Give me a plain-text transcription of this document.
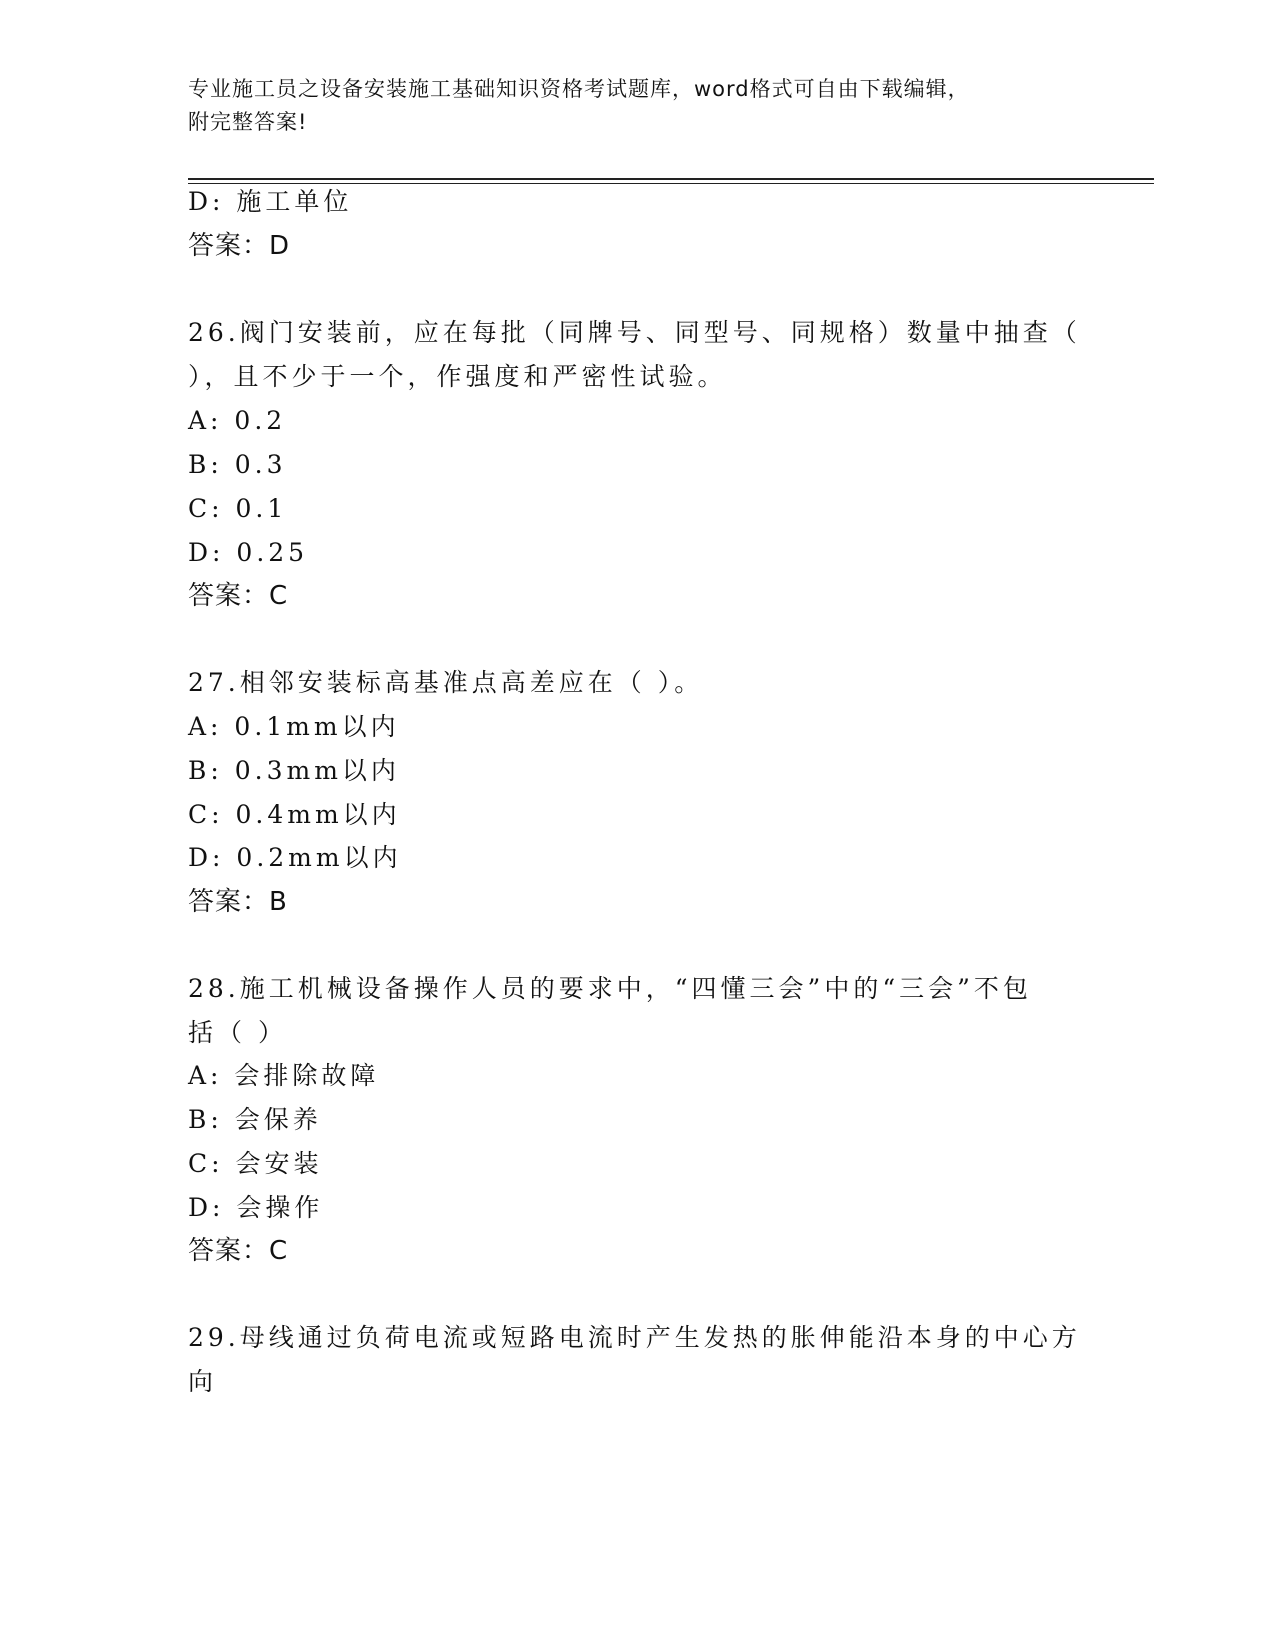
专业施工员之设备安装施工基础知识资格考试题库，word格式可自由下载编辑，
附完整答案!
D: 施工单位
答案：D
26.阀门安装前，应在每批（同牌号、同型号、同规格）数量中抽查（
），且不少于一个，作强度和严密性试验。
A: 0.2
B: 0.3
C: 0.1
D: 0.25
答案：C
27.相邻安装标高基准点高差应在（ ）。
A: 0.1mm以内
B: 0.3mm以内
C: 0.4mm以内
D: 0.2mm以内
答案：B
28.施工机械设备操作人员的要求中，“四懂三会”中的“三会”不包
括（ ）
A: 会排除故障
B: 会保养
C: 会安装
D: 会操作
答案：C
29.母线通过负荷电流或短路电流时产生发热的胀伸能沿本身的中心方
向
